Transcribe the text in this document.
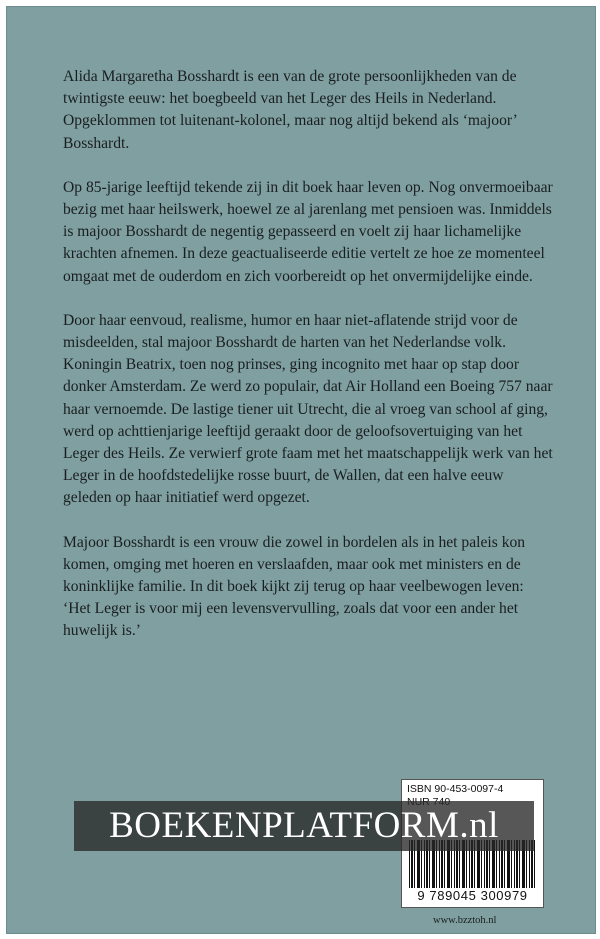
Alida Margaretha Bosshardt is een van de grote persoonlijkheden van de twintigste eeuw: het boegbeeld van het Leger des Heils in Nederland. Opgeklommen tot luitenant-kolonel, maar nog altijd bekend als ‘majoor’ Bosshardt.

Op 85-jarige leeftijd tekende zij in dit boek haar leven op. Nog onvermoeibaar bezig met haar heilswerk, hoewel ze al jarenlang met pensioen was. Inmiddels is majoor Bosshardt de negentig gepasseerd en voelt zij haar lichamelijke krachten afnemen. In deze geactualiseerde editie vertelt ze hoe ze momenteel omgaat met de ouderdom en zich voorbereidt op het onvermijdelijke einde.

Door haar eenvoud, realisme, humor en haar niet-aflatende strijd voor de misdeelden, stal majoor Bosshardt de harten van het Nederlandse volk. Koningin Beatrix, toen nog prinses, ging incognito met haar op stap door donker Amsterdam. Ze werd zo populair, dat Air Holland een Boeing 757 naar haar vernoemde. De lastige tiener uit Utrecht, die al vroeg van school af ging, werd op achttienjarige leeftijd geraakt door de geloofsovertuiging van het Leger des Heils. Ze verwierf grote faam met het maatschappelijk werk van het Leger in de hoofdstedelijke rosse buurt, de Wallen, dat een halve eeuw geleden op haar initiatief werd opgezet.

Majoor Bosshardt is een vrouw die zowel in bordelen als in het paleis kon komen, omging met hoeren en verslaafden, maar ook met ministers en de koninklijke familie. In dit boek kijkt zij terug op haar veelbewogen leven: ‘Het Leger is voor mij een levensvervulling, zoals dat voor een ander het huwelijk is.’

ISBN 90-453-0097-4
9 789045 300979
BOEKENPLATFORM.nl
www.bzztoh.nl
